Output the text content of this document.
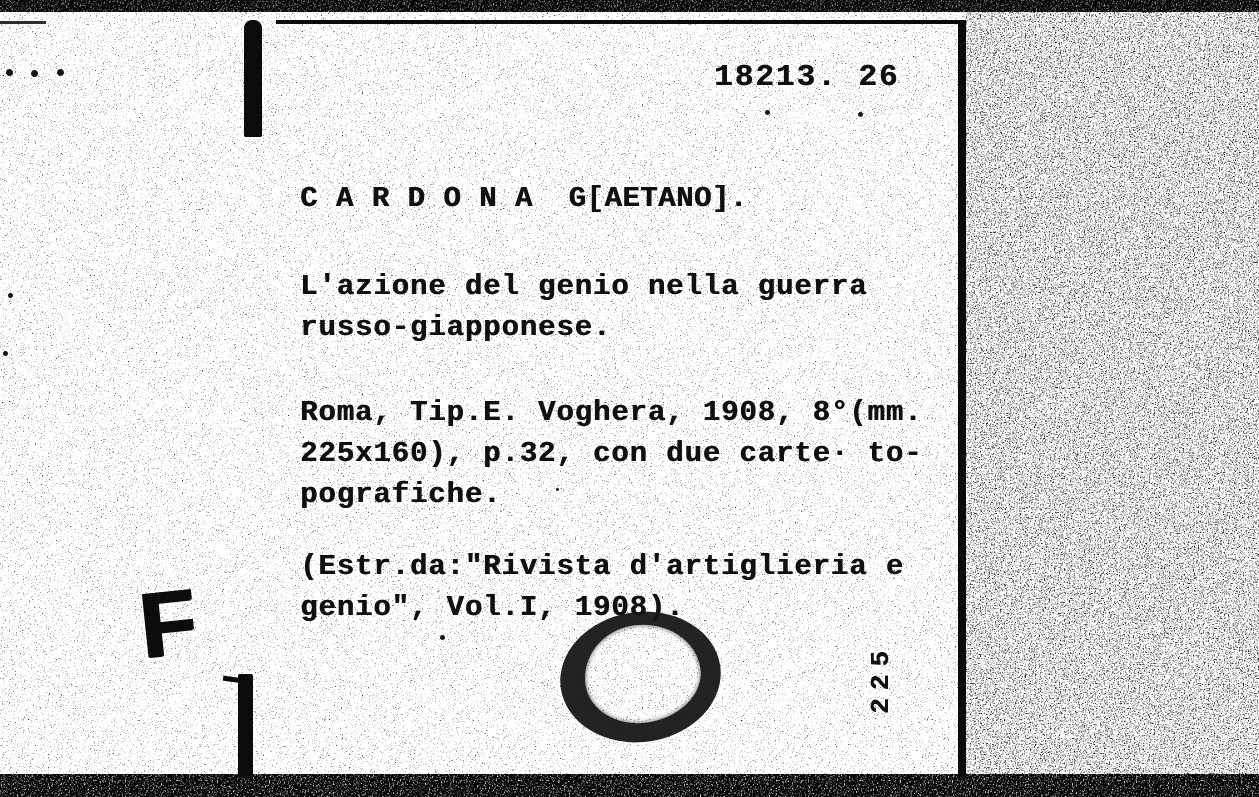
18213. 26
C A R D O N A  G[AETANO].
L'azione del genio nella guerra
russo-giapponese.
Roma, Tip.E. Voghera, 1908, 8°(mm.
225x160), p.32, con due carte· to-
pografiche.
(Estr.da:"Rivista d'artiglieria e
genio", Vol.I, 1908).
F
225
